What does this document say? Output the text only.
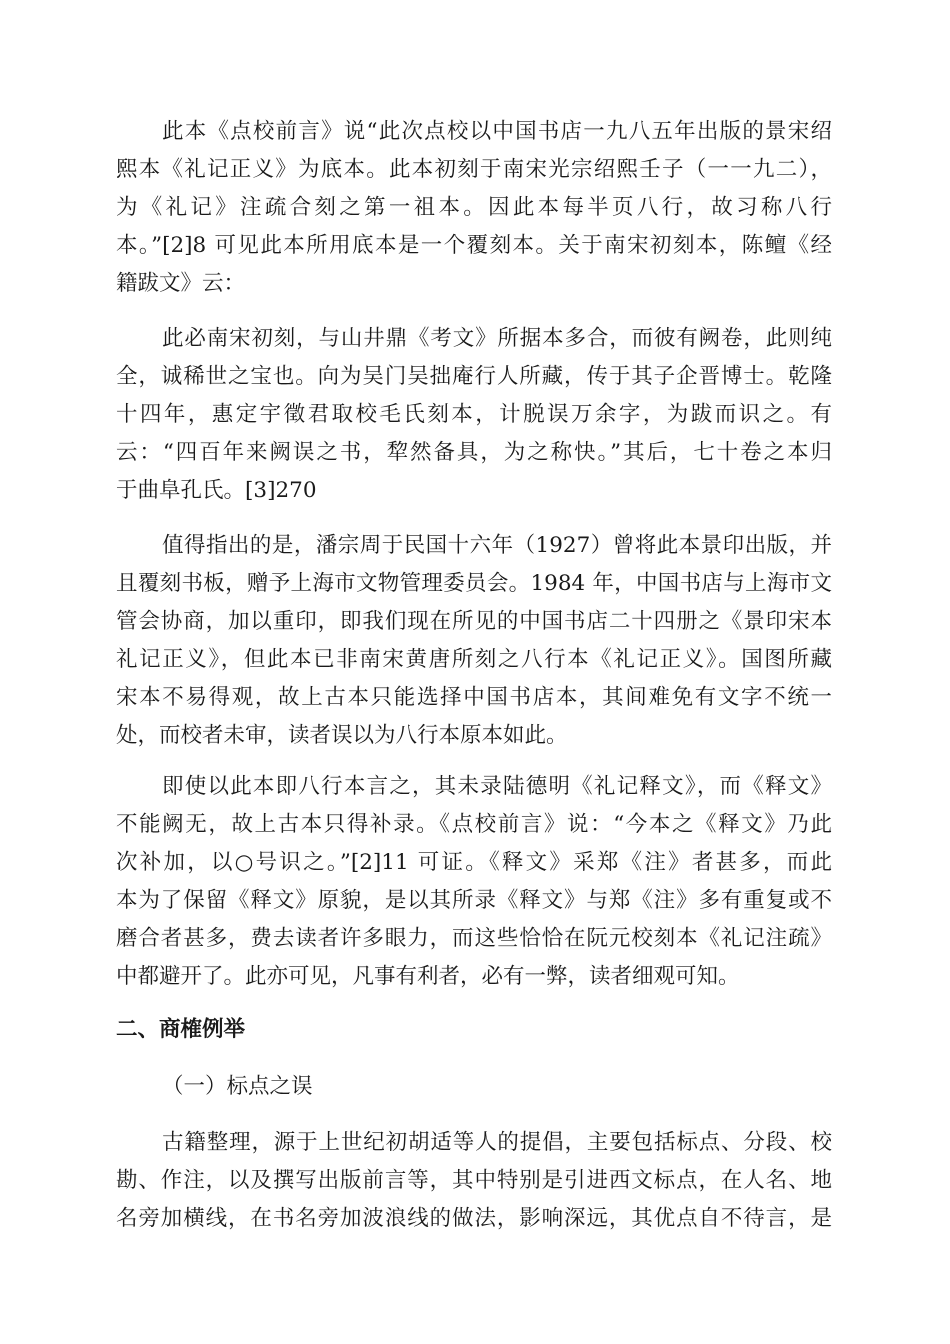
此本《点校前言》说“此次点校以中国书店一九八五年出版的景宋绍
熙本《礼记正义》为底本。此本初刻于南宋光宗绍熙壬子（一一九二），
为《礼记》注疏合刻之第一祖本。因此本每半页八行，故习称八行
本。”[2]8 可见此本所用底本是一个覆刻本。关于南宋初刻本，陈鳣《经
籍跋文》云：
此必南宋初刻，与山井鼎《考文》所据本多合，而彼有阙卷，此则纯
全，诚稀世之宝也。向为吴门吴拙庵行人所藏，传于其子企晋博士。乾隆
十四年，惠定宇徵君取校毛氏刻本，计脱误万余字，为跋而识之。有
云：“四百年来阙误之书，犂然备具，为之称快。”其后，七十卷之本归
于曲阜孔氏。[3]270
值得指出的是，潘宗周于民国十六年（1927）曾将此本景印出版，并
且覆刻书板，赠予上海市文物管理委员会。1984 年，中国书店与上海市文
管会协商，加以重印，即我们现在所见的中国书店二十四册之《景印宋本
礼记正义》，但此本已非南宋黄唐所刻之八行本《礼记正义》。国图所藏
宋本不易得观，故上古本只能选择中国书店本，其间难免有文字不统一
处，而校者未审，读者误以为八行本原本如此。
即使以此本即八行本言之，其未录陆德明《礼记释文》，而《释文》
不能阙无，故上古本只得补录。《点校前言》说：“今本之《释文》乃此
次补加，以○号识之。”[2]11 可证。《释文》采郑《注》者甚多，而此
本为了保留《释文》原貌，是以其所录《释文》与郑《注》多有重复或不
磨合者甚多，费去读者许多眼力，而这些恰恰在阮元校刻本《礼记注疏》
中都避开了。此亦可见，凡事有利者，必有一弊，读者细观可知。
二、商榷例举
（一）标点之误
古籍整理，源于上世纪初胡适等人的提倡，主要包括标点、分段、校
勘、作注，以及撰写出版前言等，其中特别是引进西文标点，在人名、地
名旁加横线，在书名旁加波浪线的做法，影响深远，其优点自不待言，是
